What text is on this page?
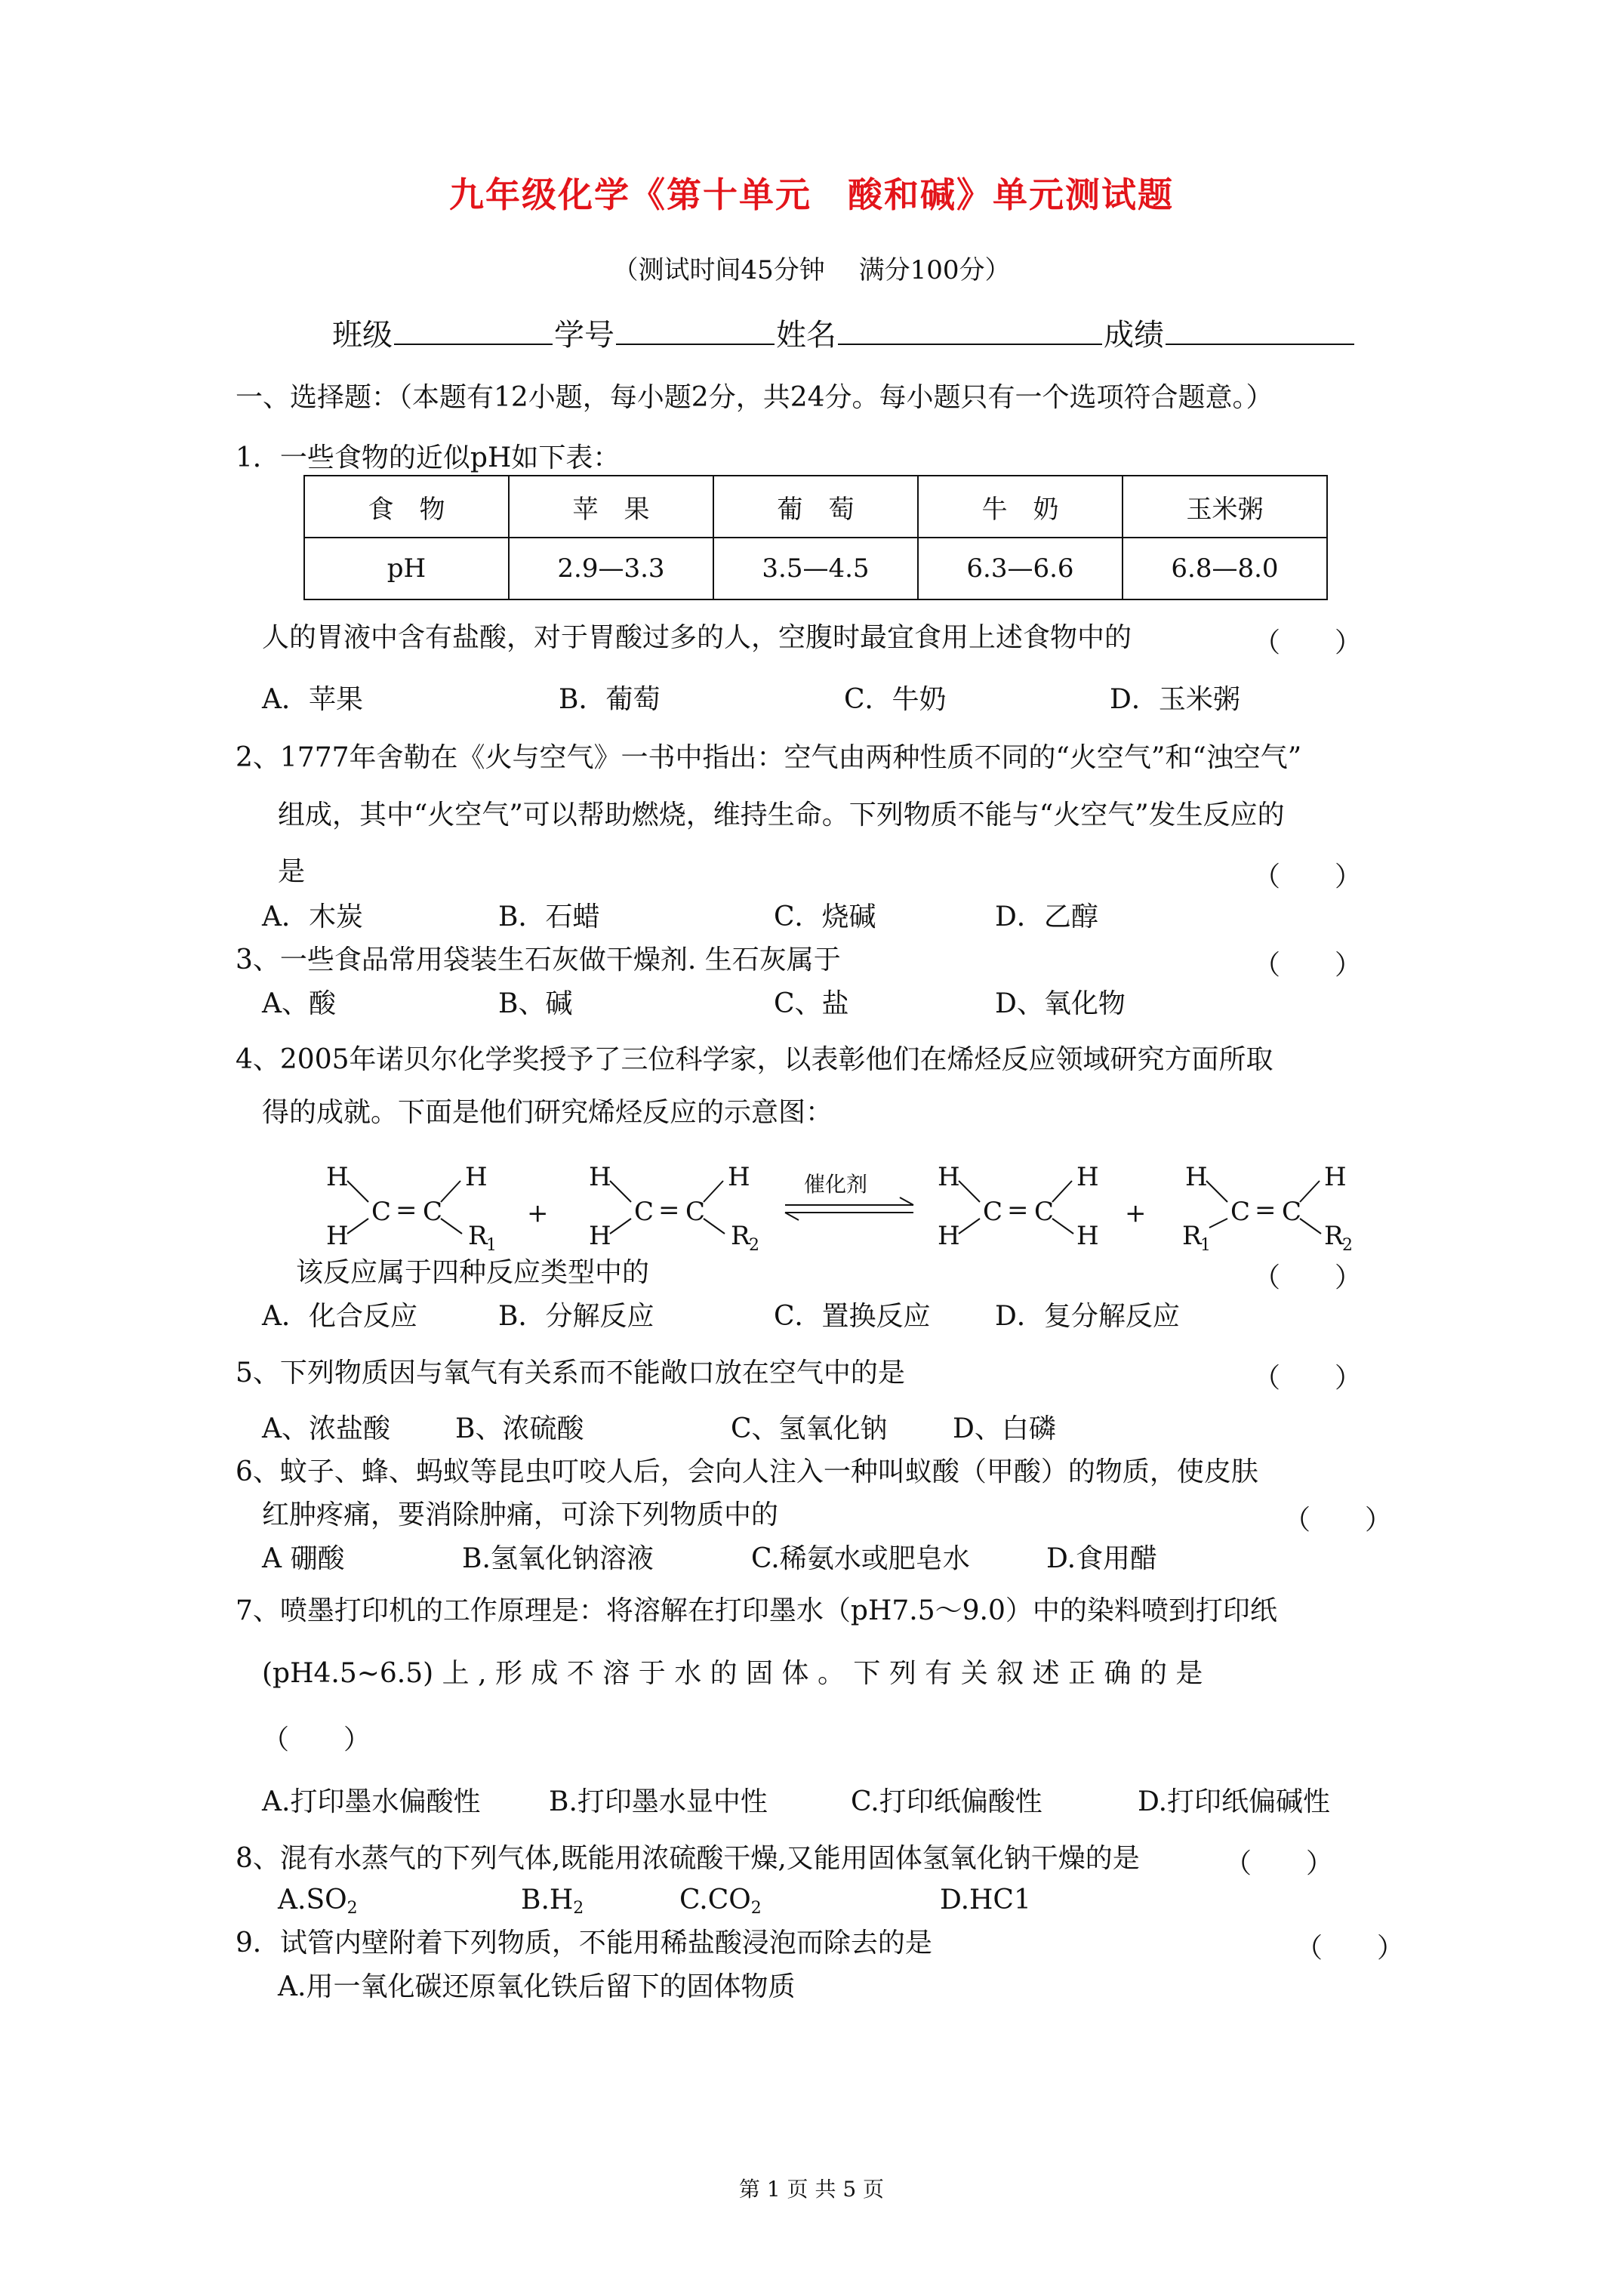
九年级化学《第十单元　酸和碱》单元测试题
（测试时间45分钟　 满分100分）
班级	学号	姓名	成绩
一、选择题：（本题有12小题，每小题2分，共24分。每小题只有一个选项符合题意。）
1．一些食物的近似pH如下表：
食　物	苹　果	葡　萄	牛　奶	玉米粥
pH	2.9—3.3	3.5—4.5	6.3—6.6	6.8—8.0
人的胃液中含有盐酸，对于胃酸过多的人，空腹时最宜食用上述食物中的	（　　）
A．苹果	B．葡萄	C．牛奶	D．玉米粥
2、1777年舍勒在《火与空气》一书中指出：空气由两种性质不同的“火空气”和“浊空气”
组成，其中“火空气”可以帮助燃烧，维持生命。下列物质不能与“火空气”发生反应的
是	（　　）
A．木炭	B．石蜡	C．烧碱	D．乙醇
3、一些食品常用袋装生石灰做干燥剂. 生石灰属于	（　　）
A、酸	B、碱	C、盐	D、氧化物
4、2005年诺贝尔化学奖授予了三位科学家，以表彰他们在烯烃反应领域研究方面所取
得的成就。下面是他们研究烯烃反应的示意图：
H
H
C = C
H
R
1
+
H
H
C = C
H
R
2
催化剂	H
H
C = C
H
H
+
H
R
1
C = C
H
R
2
该反应属于四种反应类型中的	（　　）
A．化合反应	B．分解反应	C．置换反应 D．复分解反应
5、下列物质因与氧气有关系而不能敞口放在空气中的是	（　　）
A、浓盐酸 B、浓硫酸	C、氢氧化钠 D、白磷
6、蚊子、蜂、蚂蚁等昆虫叮咬人后，会向人注入一种叫蚁酸（甲酸）的物质，使皮肤
红肿疼痛，要消除肿痛，可涂下列物质中的	（　　）
A 硼酸	B.氢氧化钠溶液	C.稀氨水或肥皂水	D.食用醋
7、喷墨打印机的工作原理是：将溶解在打印墨水（pH7.5～9.0）中的染料喷到打印纸
(pH4.5~6.5) 上 , 形 成 不 溶 于 水 的 固 体 。 下 列 有 关 叙 述 正 确 的 是
（　　）
A.打印墨水偏酸性	B.打印墨水显中性	C.打印纸偏酸性	D.打印纸偏碱性
8、混有水蒸气的下列气体,既能用浓硫酸干燥,又能用固体氢氧化钠干燥的是	（　　）
$A.SO_2$	$B.H_2$	$C.CO_2$	D.HC1
9．试管内壁附着下列物质，不能用稀盐酸浸泡而除去的是	（　　）
A.用一氧化碳还原氧化铁后留下的固体物质
第 1 页 共 5 页
